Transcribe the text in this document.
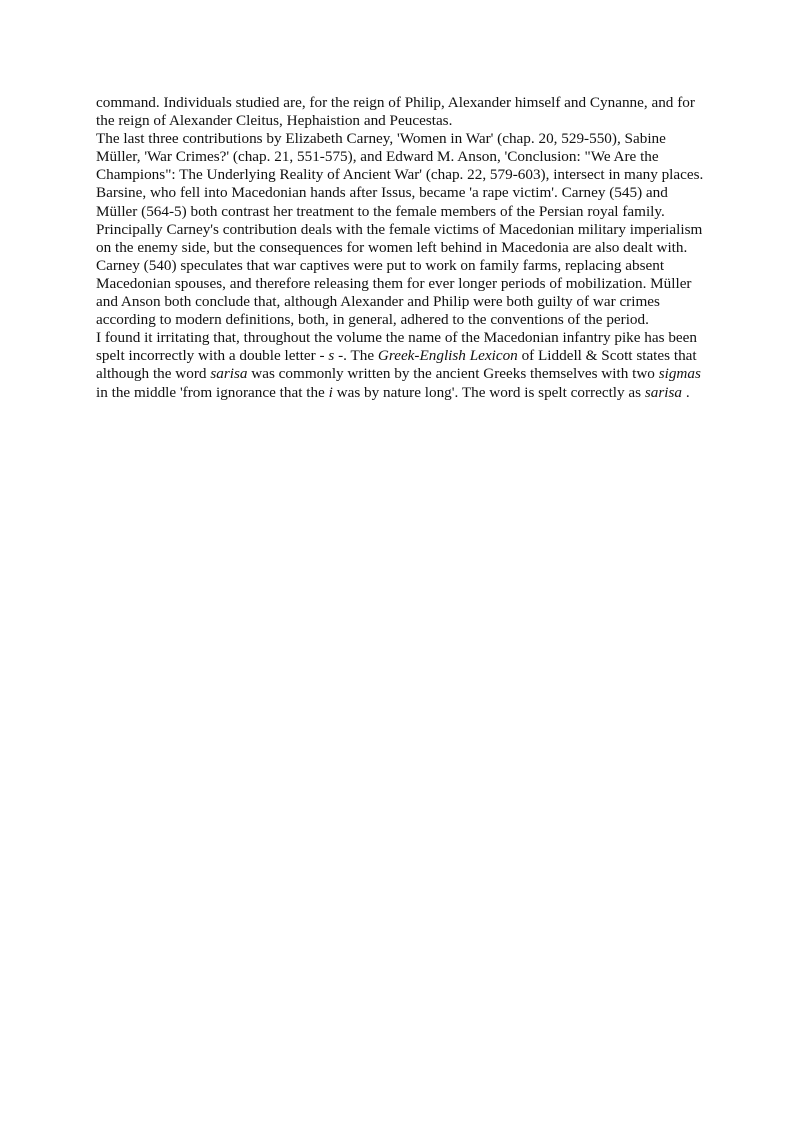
command. Individuals studied are, for the reign of Philip, Alexander himself and Cynanne, and for the reign of Alexander Cleitus, Hephaistion and Peucestas.

The last three contributions by Elizabeth Carney, 'Women in War' (chap. 20, 529-550), Sabine Müller, 'War Crimes?' (chap. 21, 551-575), and Edward M. Anson, 'Conclusion: "We Are the Champions": The Underlying Reality of Ancient War' (chap. 22, 579-603), intersect in many places. Barsine, who fell into Macedonian hands after Issus, became 'a rape victim'. Carney (545) and Müller (564-5) both contrast her treatment to the female members of the Persian royal family. Principally Carney's contribution deals with the female victims of Macedonian military imperialism on the enemy side, but the consequences for women left behind in Macedonia are also dealt with. Carney (540) speculates that war captives were put to work on family farms, replacing absent Macedonian spouses, and therefore releasing them for ever longer periods of mobilization. Müller and Anson both conclude that, although Alexander and Philip were both guilty of war crimes according to modern definitions, both, in general, adhered to the conventions of the period.

I found it irritating that, throughout the volume the name of the Macedonian infantry pike has been spelt incorrectly with a double letter - s -. The Greek-English Lexicon of Liddell & Scott states that although the word sarisa was commonly written by the ancient Greeks themselves with two sigmas in the middle 'from ignorance that the i was by nature long'. The word is spelt correctly as sarisa .
